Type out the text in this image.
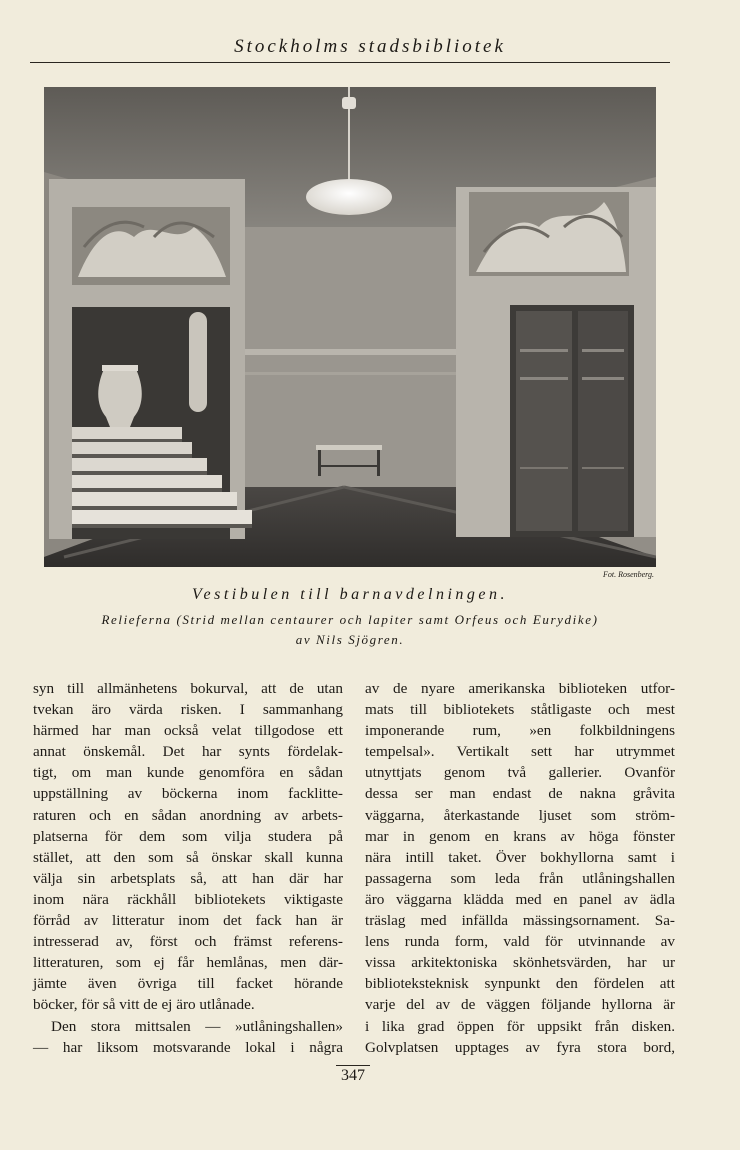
Stockholms stadsbibliotek
Fot. Rosenberg.
Vestibulen till barnavdelningen.
Relieferna (Strid mellan centaurer och lapiter samt Orfeus och Eurydike)
av Nils Sjögren.
syn till allmänhetens bokurval, att de utan
tvekan äro värda risken. I sammanhang
härmed har man också velat tillgodose ett
annat önskemål. Det har synts fördelak-
tigt, om man kunde genomföra en sådan
uppställning av böckerna inom facklitte-
raturen och en sådan anordning av arbets-
platserna för dem som vilja studera på
stället, att den som så önskar skall kunna
välja sin arbetsplats så, att han där har
inom nära räckhåll bibliotekets viktigaste
förråd av litteratur inom det fack han är
intresserad av, först och främst referens-
litteraturen, som ej får hemlånas, men där-
jämte även övriga till facket hörande
böcker, för så vitt de ej äro utlånade.
Den stora mittsalen — »utlåningshallen»
— har liksom motsvarande lokal i några
av de nyare amerikanska biblioteken utfor-
mats till bibliotekets ståtligaste och mest
imponerande rum, »en folkbildningens
tempelsal». Vertikalt sett har utrymmet
utnyttjats genom två gallerier. Ovanför
dessa ser man endast de nakna gråvita
väggarna, återkastande ljuset som ström-
mar in genom en krans av höga fönster
nära intill taket. Över bokhyllorna samt i
passagerna som leda från utlåningshallen
äro väggarna klädda med en panel av ädla
träslag med infällda mässingsornament. Sa-
lens runda form, vald för utvinnande av
vissa arkitektoniska skönhetsvärden, har ur
biblioteksteknisk synpunkt den fördelen att
varje del av de väggen följande hyllorna är
i lika grad öppen för uppsikt från disken.
Golvplatsen upptages av fyra stora bord,
347
